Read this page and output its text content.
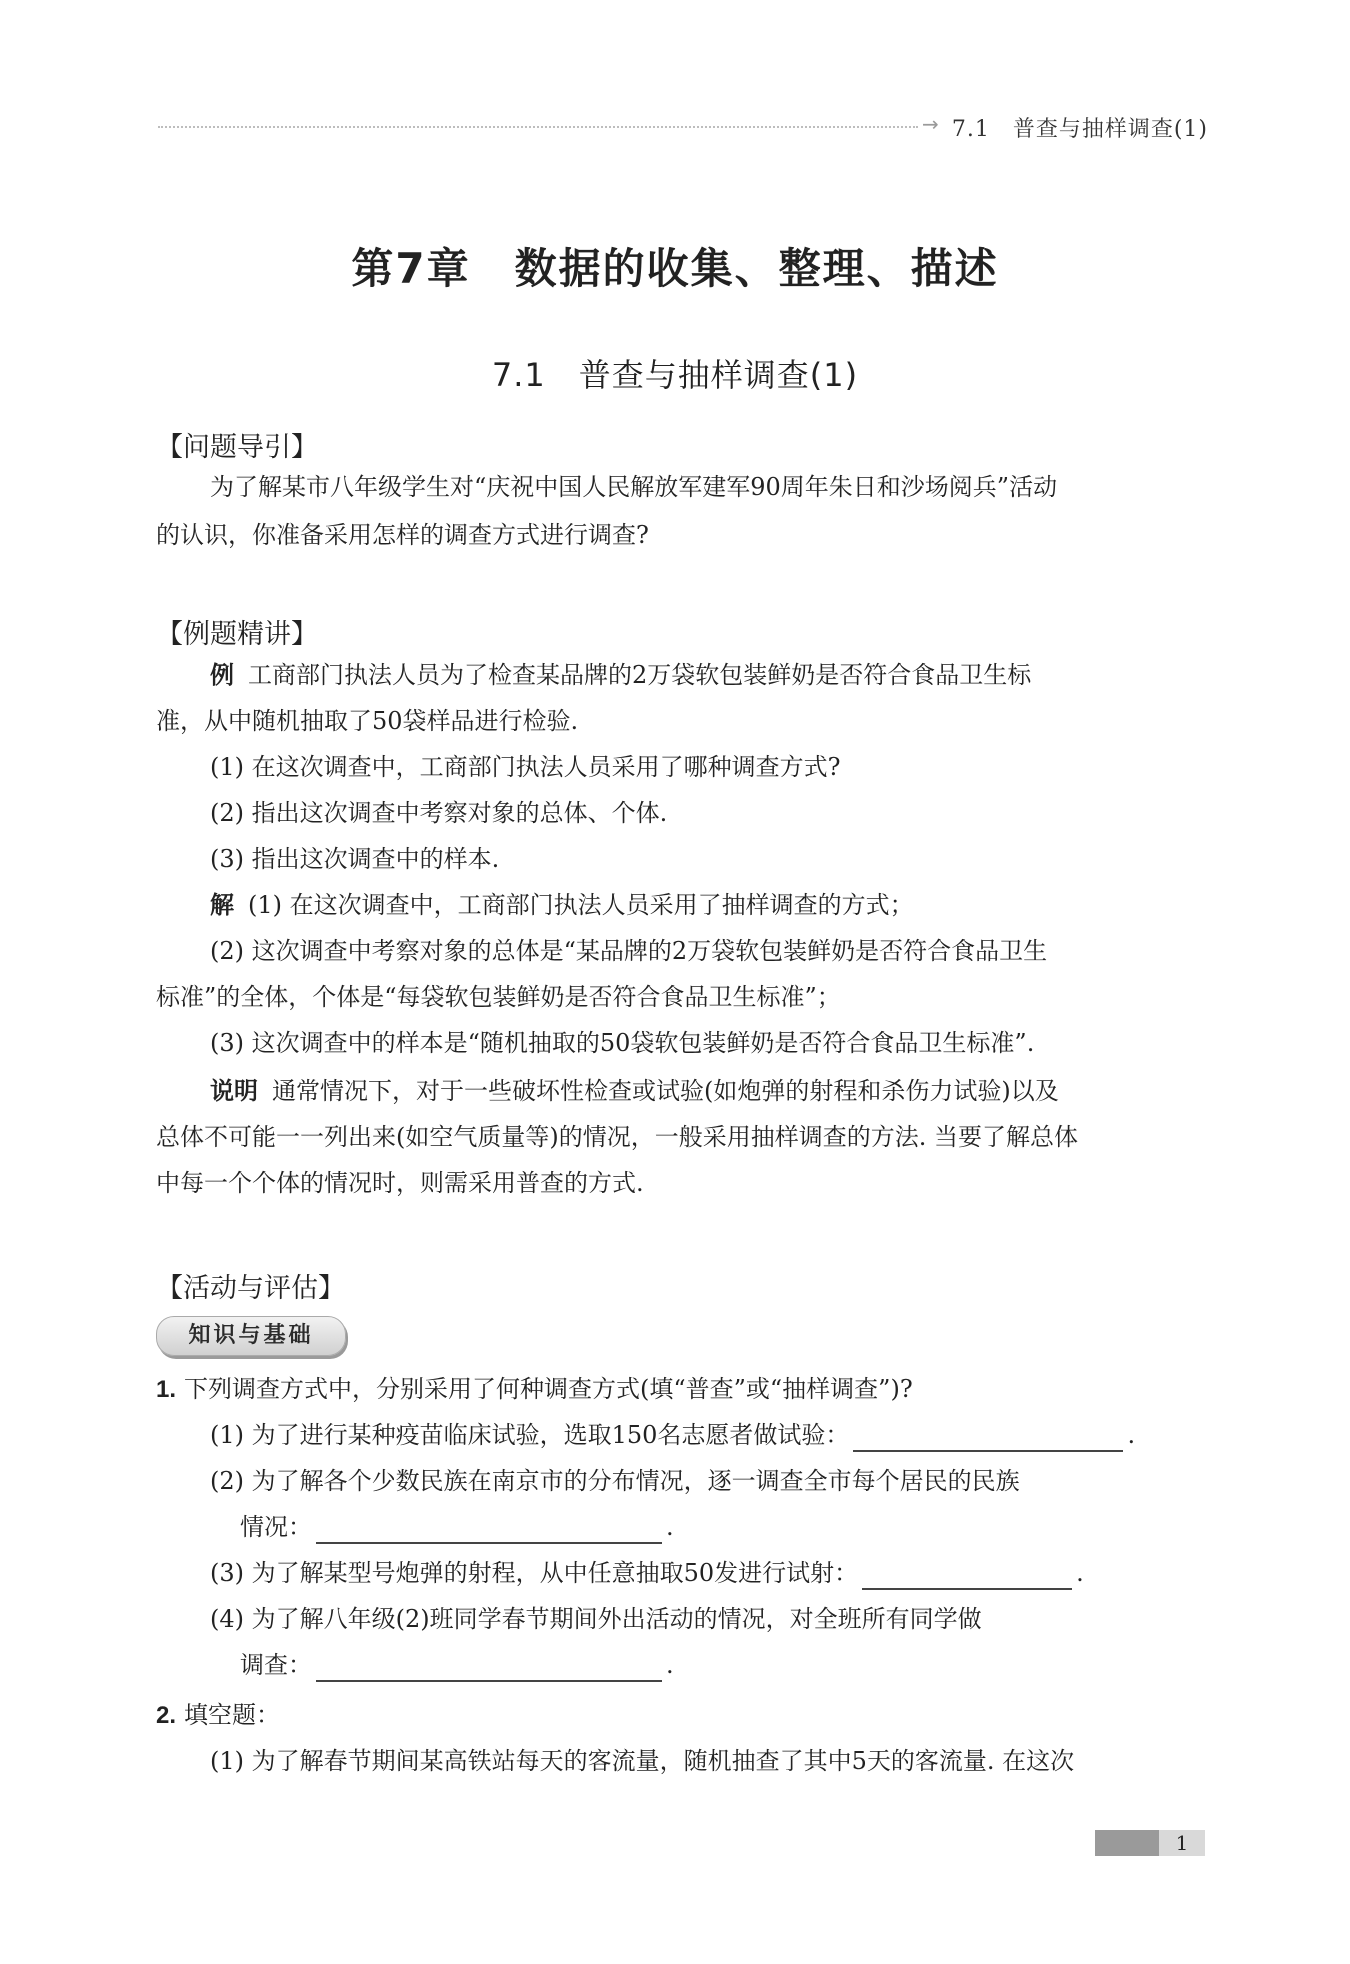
→ 7.1　普查与抽样调查(1)
第7章　数据的收集、整理、描述
7.1　普查与抽样调查(1)
【问题导引】
为了解某市八年级学生对“庆祝中国人民解放军建军90周年朱日和沙场阅兵”活动
的认识，你准备采用怎样的调查方式进行调查?
【例题精讲】
例 工商部门执法人员为了检查某品牌的2万袋软包装鲜奶是否符合食品卫生标
准，从中随机抽取了50袋样品进行检验.
(1) 在这次调查中，工商部门执法人员采用了哪种调查方式?
(2) 指出这次调查中考察对象的总体、个体.
(3) 指出这次调查中的样本.
解 (1) 在这次调查中，工商部门执法人员采用了抽样调查的方式；
(2) 这次调查中考察对象的总体是“某品牌的2万袋软包装鲜奶是否符合食品卫生
标准”的全体，个体是“每袋软包装鲜奶是否符合食品卫生标准”；
(3) 这次调查中的样本是“随机抽取的50袋软包装鲜奶是否符合食品卫生标准”.
说明 通常情况下，对于一些破坏性检查或试验(如炮弹的射程和杀伤力试验)以及
总体不可能一一列出来(如空气质量等)的情况，一般采用抽样调查的方法. 当要了解总体
中每一个个体的情况时，则需采用普查的方式.
【活动与评估】
知识与基础
1. 下列调查方式中，分别采用了何种调查方式(填“普查”或“抽样调查”)?
(1) 为了进行某种疫苗临床试验，选取150名志愿者做试验：	.
(2) 为了解各个少数民族在南京市的分布情况，逐一调查全市每个居民的民族
情况：	.
(3) 为了解某型号炮弹的射程，从中任意抽取50发进行试射：	.
(4) 为了解八年级(2)班同学春节期间外出活动的情况，对全班所有同学做
调查：	.
2. 填空题：
(1) 为了解春节期间某高铁站每天的客流量，随机抽查了其中5天的客流量. 在这次
1
